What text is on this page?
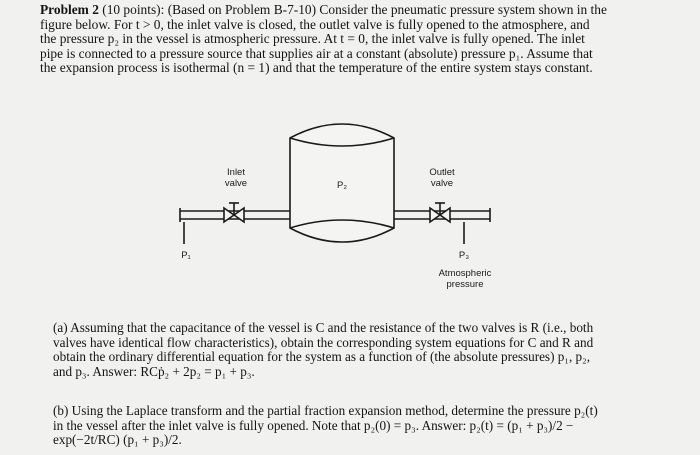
Problem 2 (10 points): (Based on Problem B-7-10) Consider the pneumatic pressure system shown in the
figure below. For t > 0, the inlet valve is closed, the outlet valve is fully opened to the atmosphere, and
the pressure p₂ in the vessel is atmospheric pressure. At t = 0, the inlet valve is fully opened. The inlet
pipe is connected to a pressure source that supplies air at a constant (absolute) pressure p₁. Assume that
the expansion process is isothermal (n = 1) and that the temperature of the entire system stays constant.
Inlet
valve
Outlet
valve
P₂
P₁	P₃
Atmospheric
pressure
(a) Assuming that the capacitance of the vessel is C and the resistance of the two valves is R (i.e., both
valves have identical flow characteristics), obtain the corresponding system equations for C and R and
obtain the ordinary differential equation for the system as a function of (the absolute pressures) p₁, p₂,
and p₃. Answer: RCṗ₂ + 2p₂ = p₁ + p₃.
(b) Using the Laplace transform and the partial fraction expansion method, determine the pressure p₂(t)
in the vessel after the inlet valve is fully opened. Note that p₂(0) = p₃. Answer: p₂(t) = (p₁ + p₃)/2 −
exp(−2t/RC) (p₁ + p₃)/2.
